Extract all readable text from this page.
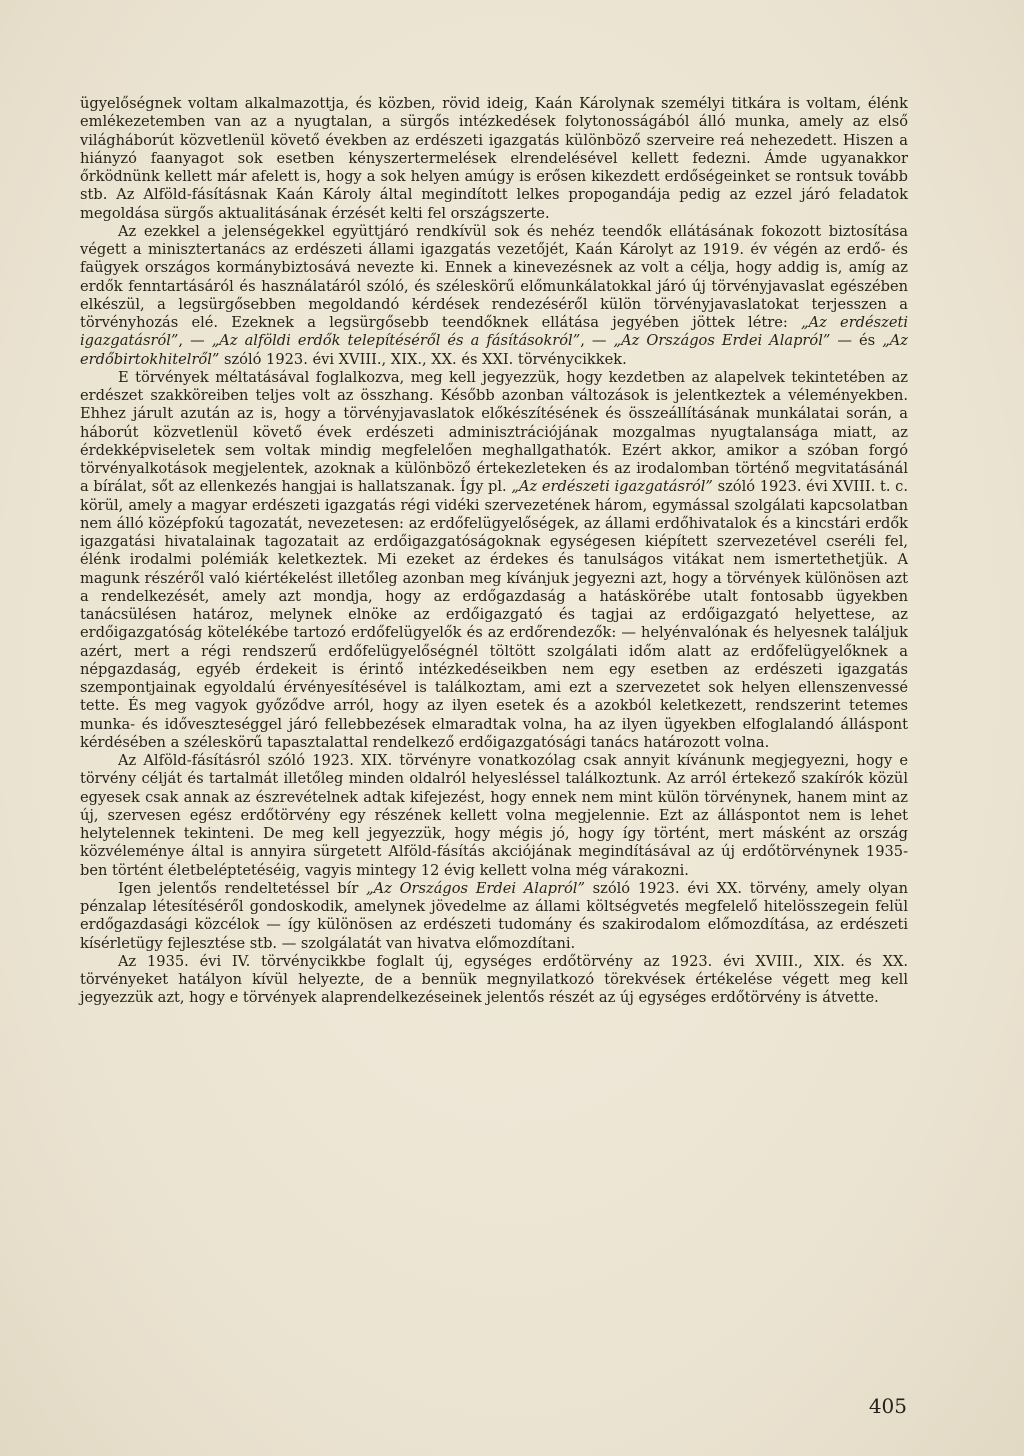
ügyelőségnek voltam alkalmazottja, és közben, rövid ideig, Kaán Károlynak személyi titkára is voltam, élénk emlékezetemben van az a nyugtalan, a sürgős intézkedések folytonosságából álló munka, amely az első világháborút közvetlenül követő években az erdészeti igazgatás különböző szerveire reá nehezedett. Hiszen a hiányzó faanyagot sok esetben kényszertermelések elrendelésével kellett fedezni. Ámde ugyanakkor őrködnünk kellett már afelett is, hogy a sok helyen amúgy is erősen kikezdett erdőségeinket se rontsuk tovább stb. Az Alföld-fásításnak Kaán Károly által megindított lelkes propogandája pedig az ezzel járó feladatok megoldása sürgős aktualitásának érzését kelti fel országszerte.

Az ezekkel a jelenségekkel együttjáró rendkívül sok és nehéz teendők ellátásának fokozott biztosítása végett a minisztertanács az erdészeti állami igazgatás vezetőjét, Kaán Károlyt az 1919. év végén az erdő- és faügyek országos kormánybiztosává nevezte ki. Ennek a kinevezésnek az volt a célja, hogy addig is, amíg az erdők fenntartásáról és használatáról szóló, és széleskörű előmunkálatokkal járó új törvényjavaslat egészében elkészül, a legsürgősebben megoldandó kérdések rendezéséről külön törvényjavaslatokat terjesszen a törvényhozás elé. Ezeknek a legsürgősebb teendőknek ellátása jegyében jöttek létre: „Az erdészeti igazgatásról”, — „Az alföldi erdők telepítéséről és a fásításokról”, — „Az Országos Erdei Alapról” — és „Az erdőbirtokhitelről” szóló 1923. évi XVIII., XIX., XX. és XXI. törvénycikkek.

E törvények méltatásával foglalkozva, meg kell jegyezzük, hogy kezdetben az alapelvek tekintetében az erdészet szakköreiben teljes volt az összhang. Később azonban változások is jelentkeztek a véleményekben. Ehhez járult azután az is, hogy a törvényjavaslatok előkészítésének és összeállításának munkálatai során, a háborút közvetlenül követő évek erdészeti adminisztrációjának mozgalmas nyugtalansága miatt, az érdekképviseletek sem voltak mindig megfelelően meghallgathatók. Ezért akkor, amikor a szóban forgó törvényalkotások megjelentek, azoknak a különböző értekezleteken és az irodalomban történő megvitatásánál a bírálat, sőt az ellenkezés hangjai is hallatszanak. Így pl. „Az erdészeti igazgatásról” szóló 1923. évi XVIII. t. c. körül, amely a magyar erdészeti igazgatás régi vidéki szervezetének három, egymással szolgálati kapcsolatban nem álló középfokú tagozatát, nevezetesen: az erdőfelügyelőségek, az állami erdőhivatalok és a kincstári erdők igazgatási hivatalainak tagozatait az erdőigazgatóságoknak egységesen kiépített szervezetével cseréli fel, élénk irodalmi polémiák keletkeztek. Mi ezeket az érdekes és tanulságos vitákat nem ismertethetjük. A magunk részéről való kiértékelést illetőleg azonban meg kívánjuk jegyezni azt, hogy a törvények különösen azt a rendelkezését, amely azt mondja, hogy az erdőgazdaság a hatáskörébe utalt fontosabb ügyekben tanácsülésen határoz, melynek elnöke az erdőigazgató és tagjai az erdőigazgató helyettese, az erdőigazgatóság kötelékébe tartozó erdőfelügyelők és az erdőrendezők: — helyénvalónak és helyesnek találjuk azért, mert a régi rendszerű erdőfelügyelőségnél töltött szolgálati időm alatt az erdőfelügyelőknek a népgazdaság, egyéb érdekeit is érintő intézkedéseikben nem egy esetben az erdészeti igazgatás szempontjainak egyoldalú érvényesítésével is találkoztam, ami ezt a szervezetet sok helyen ellenszenvessé tette. És meg vagyok győződve arról, hogy az ilyen esetek és a azokból keletkezett, rendszerint tetemes munka- és időveszteséggel járó fellebbezések elmaradtak volna, ha az ilyen ügyekben elfoglalandó álláspont kérdésében a széleskörű tapasztalattal rendelkező erdőigazgatósági tanács határozott volna.

Az Alföld-fásításról szóló 1923. XIX. törvényre vonatkozólag csak annyit kívánunk megjegyezni, hogy e törvény célját és tartalmát illetőleg minden oldalról helyesléssel találkoztunk. Az arról értekező szakírók közül egyesek csak annak az észrevételnek adtak kifejezést, hogy ennek nem mint külön törvénynek, hanem mint az új, szervesen egész erdőtörvény egy részének kellett volna megjelennie. Ezt az álláspontot nem is lehet helytelennek tekinteni. De meg kell jegyezzük, hogy mégis jó, hogy így történt, mert másként az ország közvéleménye által is annyira sürgetett Alföld-fásítás akciójának megindításával az új erdőtörvénynek 1935-ben történt életbeléptetéséig, vagyis mintegy 12 évig kellett volna még várakozni.

Igen jelentős rendeltetéssel bír „Az Országos Erdei Alapról” szóló 1923. évi XX. törvény, amely olyan pénzalap létesítéséről gondoskodik, amelynek jövedelme az állami költségvetés megfelelő hitelösszegein felül erdőgazdasági közcélok — így különösen az erdészeti tudomány és szakirodalom előmozdítása, az erdészeti kísérletügy fejlesztése stb. — szolgálatát van hivatva előmozdítani.

Az 1935. évi IV. törvénycikkbe foglalt új, egységes erdőtörvény az 1923. évi XVIII., XIX. és XX. törvényeket hatályon kívül helyezte, de a bennük megnyilatkozó törekvések értékelése végett meg kell jegyezzük azt, hogy e törvények alaprendelkezéseinek jelentős részét az új egységes erdőtörvény is átvette.

405
